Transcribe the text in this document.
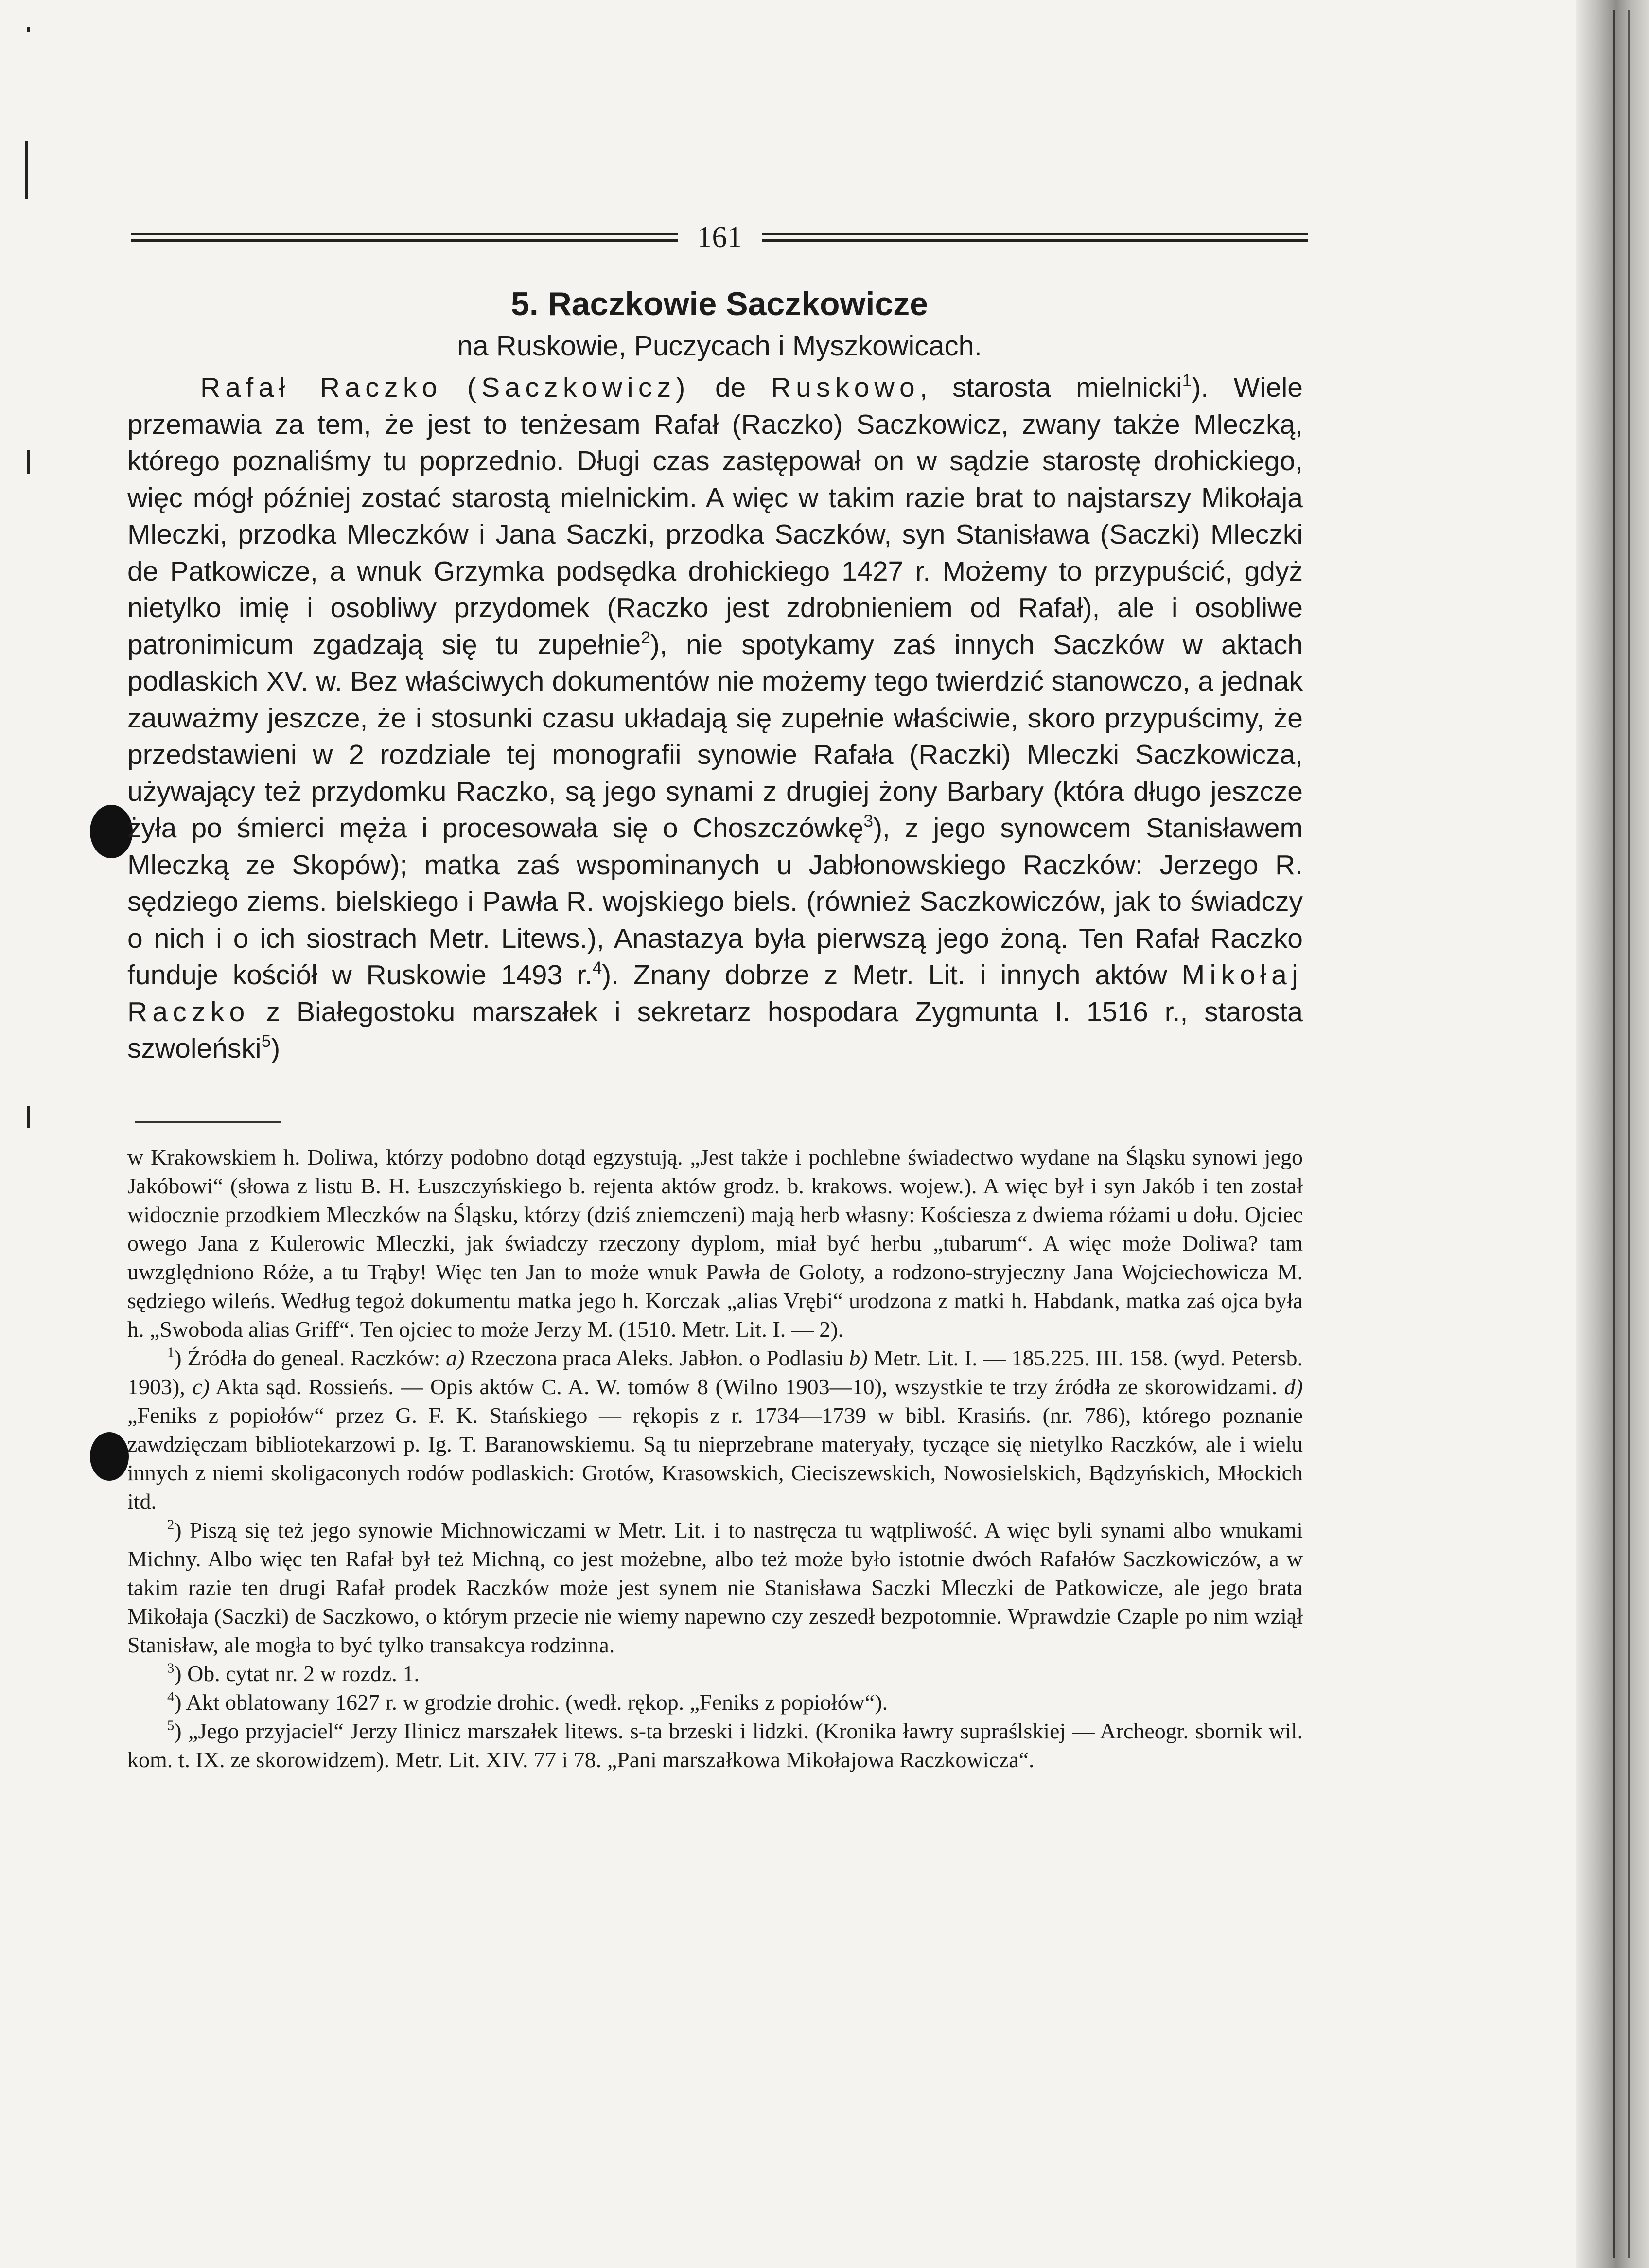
161
5. Raczkowie Saczkowicze
na Ruskowie, Puczycach i Myszkowicach.

Rafał Raczko (Saczkowicz) de Ruskowo, starosta mielnicki$^1$). Wiele przemawia za tem, że jest to tenżesam Rafał (Raczko) Saczkowicz, zwany także Mleczką, którego poznaliśmy tu poprzednio. Długi czas zastępował on w sądzie starostę drohickiego, więc mógł później zostać starostą mielnickim. A więc w takim razie brat to najstarszy Mikołaja Mleczki, przodka Mleczków i Jana Saczki, przodka Saczków, syn Stanisława (Saczki) Mleczki de Patkowicze, a wnuk Grzymka podsędka drohickiego 1427 r. Możemy to przypuścić, gdyż nietylko imię i osobliwy przydomek (Raczko jest zdrobnieniem od Rafał), ale i osobliwe patronimicum zgadzają się tu zupełnie$^2$), nie spotykamy zaś innych Saczków w aktach podlaskich XV. w. Bez właściwych dokumentów nie możemy tego twierdzić stanowczo, a jednak zauważmy jeszcze, że i stosunki czasu układają się zupełnie właściwie, skoro przypuścimy, że przedstawieni w 2 rozdziale tej monografii synowie Rafała (Raczki) Mleczki Saczkowicza, używający też przydomku Raczko, są jego synami z drugiej żony Barbary (która długo jeszcze żyła po śmierci męża i procesowała się o Choszczówkę$^3$), z jego synowcem Stanisławem Mleczką ze Skopów); matka zaś wspominanych u Jabłonowskiego Raczków: Jerzego R. sędziego ziems. bielskiego i Pawła R. wojskiego biels. (również Saczkowiczów, jak to świadczy o nich i o ich siostrach Metr. Litews.), Anastazya była pierwszą jego żoną. Ten Rafał Raczko funduje kościół w Ruskowie 1493 r.$^4$). Znany dobrze z Metr. Lit. i innych aktów Mikołaj Raczko z Białegostoku marszałek i sekretarz hospodara Zygmunta I. 1516 r., starosta szwoleński$^5$)

w Krakowskiem h. Doliwa, którzy podobno dotąd egzystują. „Jest także i pochlebne świadectwo wydane na Śląsku synowi jego Jakóbowi“ (słowa z listu B. H. Łuszczyńskiego b. rejenta aktów grodz. b. krakows. wojew.). A więc był i syn Jakób i ten został widocznie przodkiem Mleczków na Śląsku, którzy (dziś zniemczeni) mają herb własny: Kościesza z dwiema różami u dołu. Ojciec owego Jana z Kulerowic Mleczki, jak świadczy rzeczony dyplom, miał być herbu „tubarum“. A więc może Doliwa? tam uwzględniono Róże, a tu Trąby! Więc ten Jan to może wnuk Pawła de Goloty, a rodzono-stryjeczny Jana Wojciechowicza M. sędziego wileńs. Według tegoż dokumentu matka jego h. Korczak „alias Vrębi“ urodzona z matki h. Habdank, matka zaś ojca była h. „Swoboda alias Griff“. Ten ojciec to może Jerzy M. (1510. Metr. Lit. I. — 2).

$^1$) Źródła do geneal. Raczków: a) Rzeczona praca Aleks. Jabłon. o Podlasiu b) Metr. Lit. I. — 185.225. III. 158. (wyd. Petersb. 1903), c) Akta sąd. Rossieńs. — Opis aktów C. A. W. tomów 8 (Wilno 1903—10), wszystkie te trzy źródła ze skorowidzami. d) „Feniks z popiołów“ przez G. F. K. Stańskiego — rękopis z r. 1734—1739 w bibl. Krasińs. (nr. 786), którego poznanie zawdzięczam bibliotekarzowi p. Ig. T. Baranowskiemu. Są tu nieprzebrane materyały, tyczące się nietylko Raczków, ale i wielu innych z niemi skoligaconych rodów podlaskich: Grotów, Krasowskich, Cieciszewskich, Nowosielskich, Bądzyńskich, Młockich itd.

$^2$) Piszą się też jego synowie Michnowiczami w Metr. Lit. i to nastręcza tu wątpliwość. A więc byli synami albo wnukami Michny. Albo więc ten Rafał był też Michną, co jest możebne, albo też może było istotnie dwóch Rafałów Saczkowiczów, a w takim razie ten drugi Rafał prodek Raczków może jest synem nie Stanisława Saczki Mleczki de Patkowicze, ale jego brata Mikołaja (Saczki) de Saczkowo, o którym przecie nie wiemy napewno czy zeszedł bezpotomnie. Wprawdzie Czaple po nim wziął Stanisław, ale mogła to być tylko transakcya rodzinna.

$^3$) Ob. cytat nr. 2 w rozdz. 1.

$^4$) Akt oblatowany 1627 r. w grodzie drohic. (wedł. rękop. „Feniks z popiołów“).

$^5$) „Jego przyjaciel“ Jerzy Ilinicz marszałek litews. s-ta brzeski i lidzki. (Kronika ławry supraślskiej — Archeogr. sbornik wil. kom. t. IX. ze skorowidzem). Metr. Lit. XIV. 77 i 78. „Pani marszałkowa Mikołajowa Raczkowicza“.
